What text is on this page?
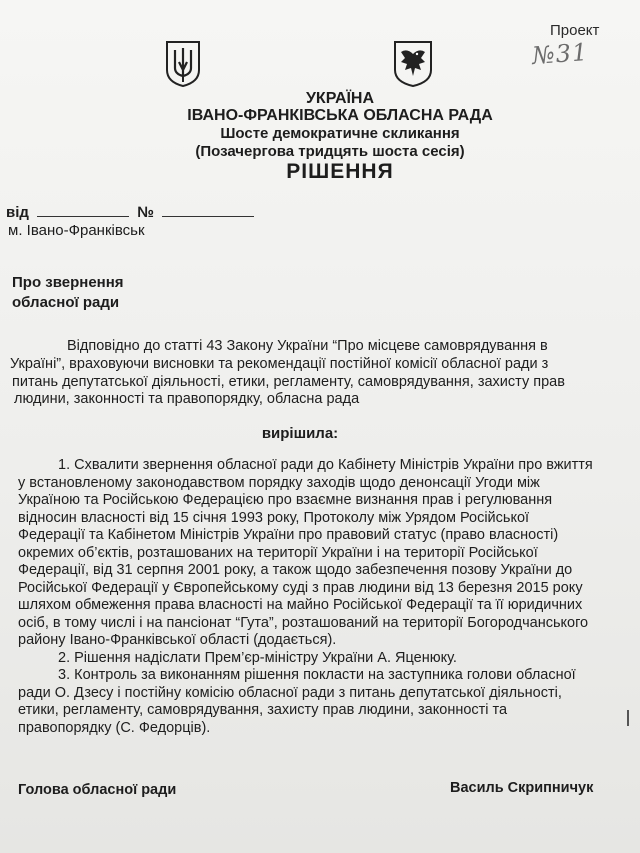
Проект
№31
УКРАЇНА
ІВАНО-ФРАНКІВСЬКА ОБЛАСНА РАДА
Шосте демократичне скликання
(Позачергова тридцять шоста сесія)
РІШЕННЯ
від	№
м. Івано-Франківськ
Про звернення
обласної ради
Відповідно до статті 43 Закону України “Про місцеве самоврядування в
Україні”, враховуючи висновки та рекомендації постійної комісії обласної ради з
питань депутатської діяльності, етики, регламенту, самоврядування, захисту прав
людини, законності та правопорядку, обласна рада
вирішила:
1. Схвалити звернення обласної ради до Кабінету Міністрів України про вжиття
у встановленому законодавством порядку заходів щодо денонсації Угоди між
Україною та Російською Федерацією про взаємне визнання прав і регулювання
відносин власності від 15 січня 1993 року, Протоколу між Урядом Російської
Федерації та Кабінетом Міністрів України про правовий статус (право власності)
окремих об’єктів, розташованих на території України і на території Російської
Федерації, від 31 серпня 2001 року, а також щодо забезпечення позову України до
Російської Федерації у Європейському суді з прав людини від 13 березня 2015 року
шляхом обмеження права власності на майно Російської Федерації та її юридичних
осіб, в тому числі і на пансіонат “Гута”, розташований на території Богородчанського
району Івано-Франківської області (додається).
2. Рішення надіслати Прем’єр-міністру України А. Яценюку.
3. Контроль за виконанням рішення покласти на заступника голови обласної
ради О. Дзесу і постійну комісію обласної ради з питань депутатської діяльності,
етики, регламенту, самоврядування, захисту прав людини, законності та
правопорядку (С. Федорців).
Голова обласної ради	Василь Скрипничук
